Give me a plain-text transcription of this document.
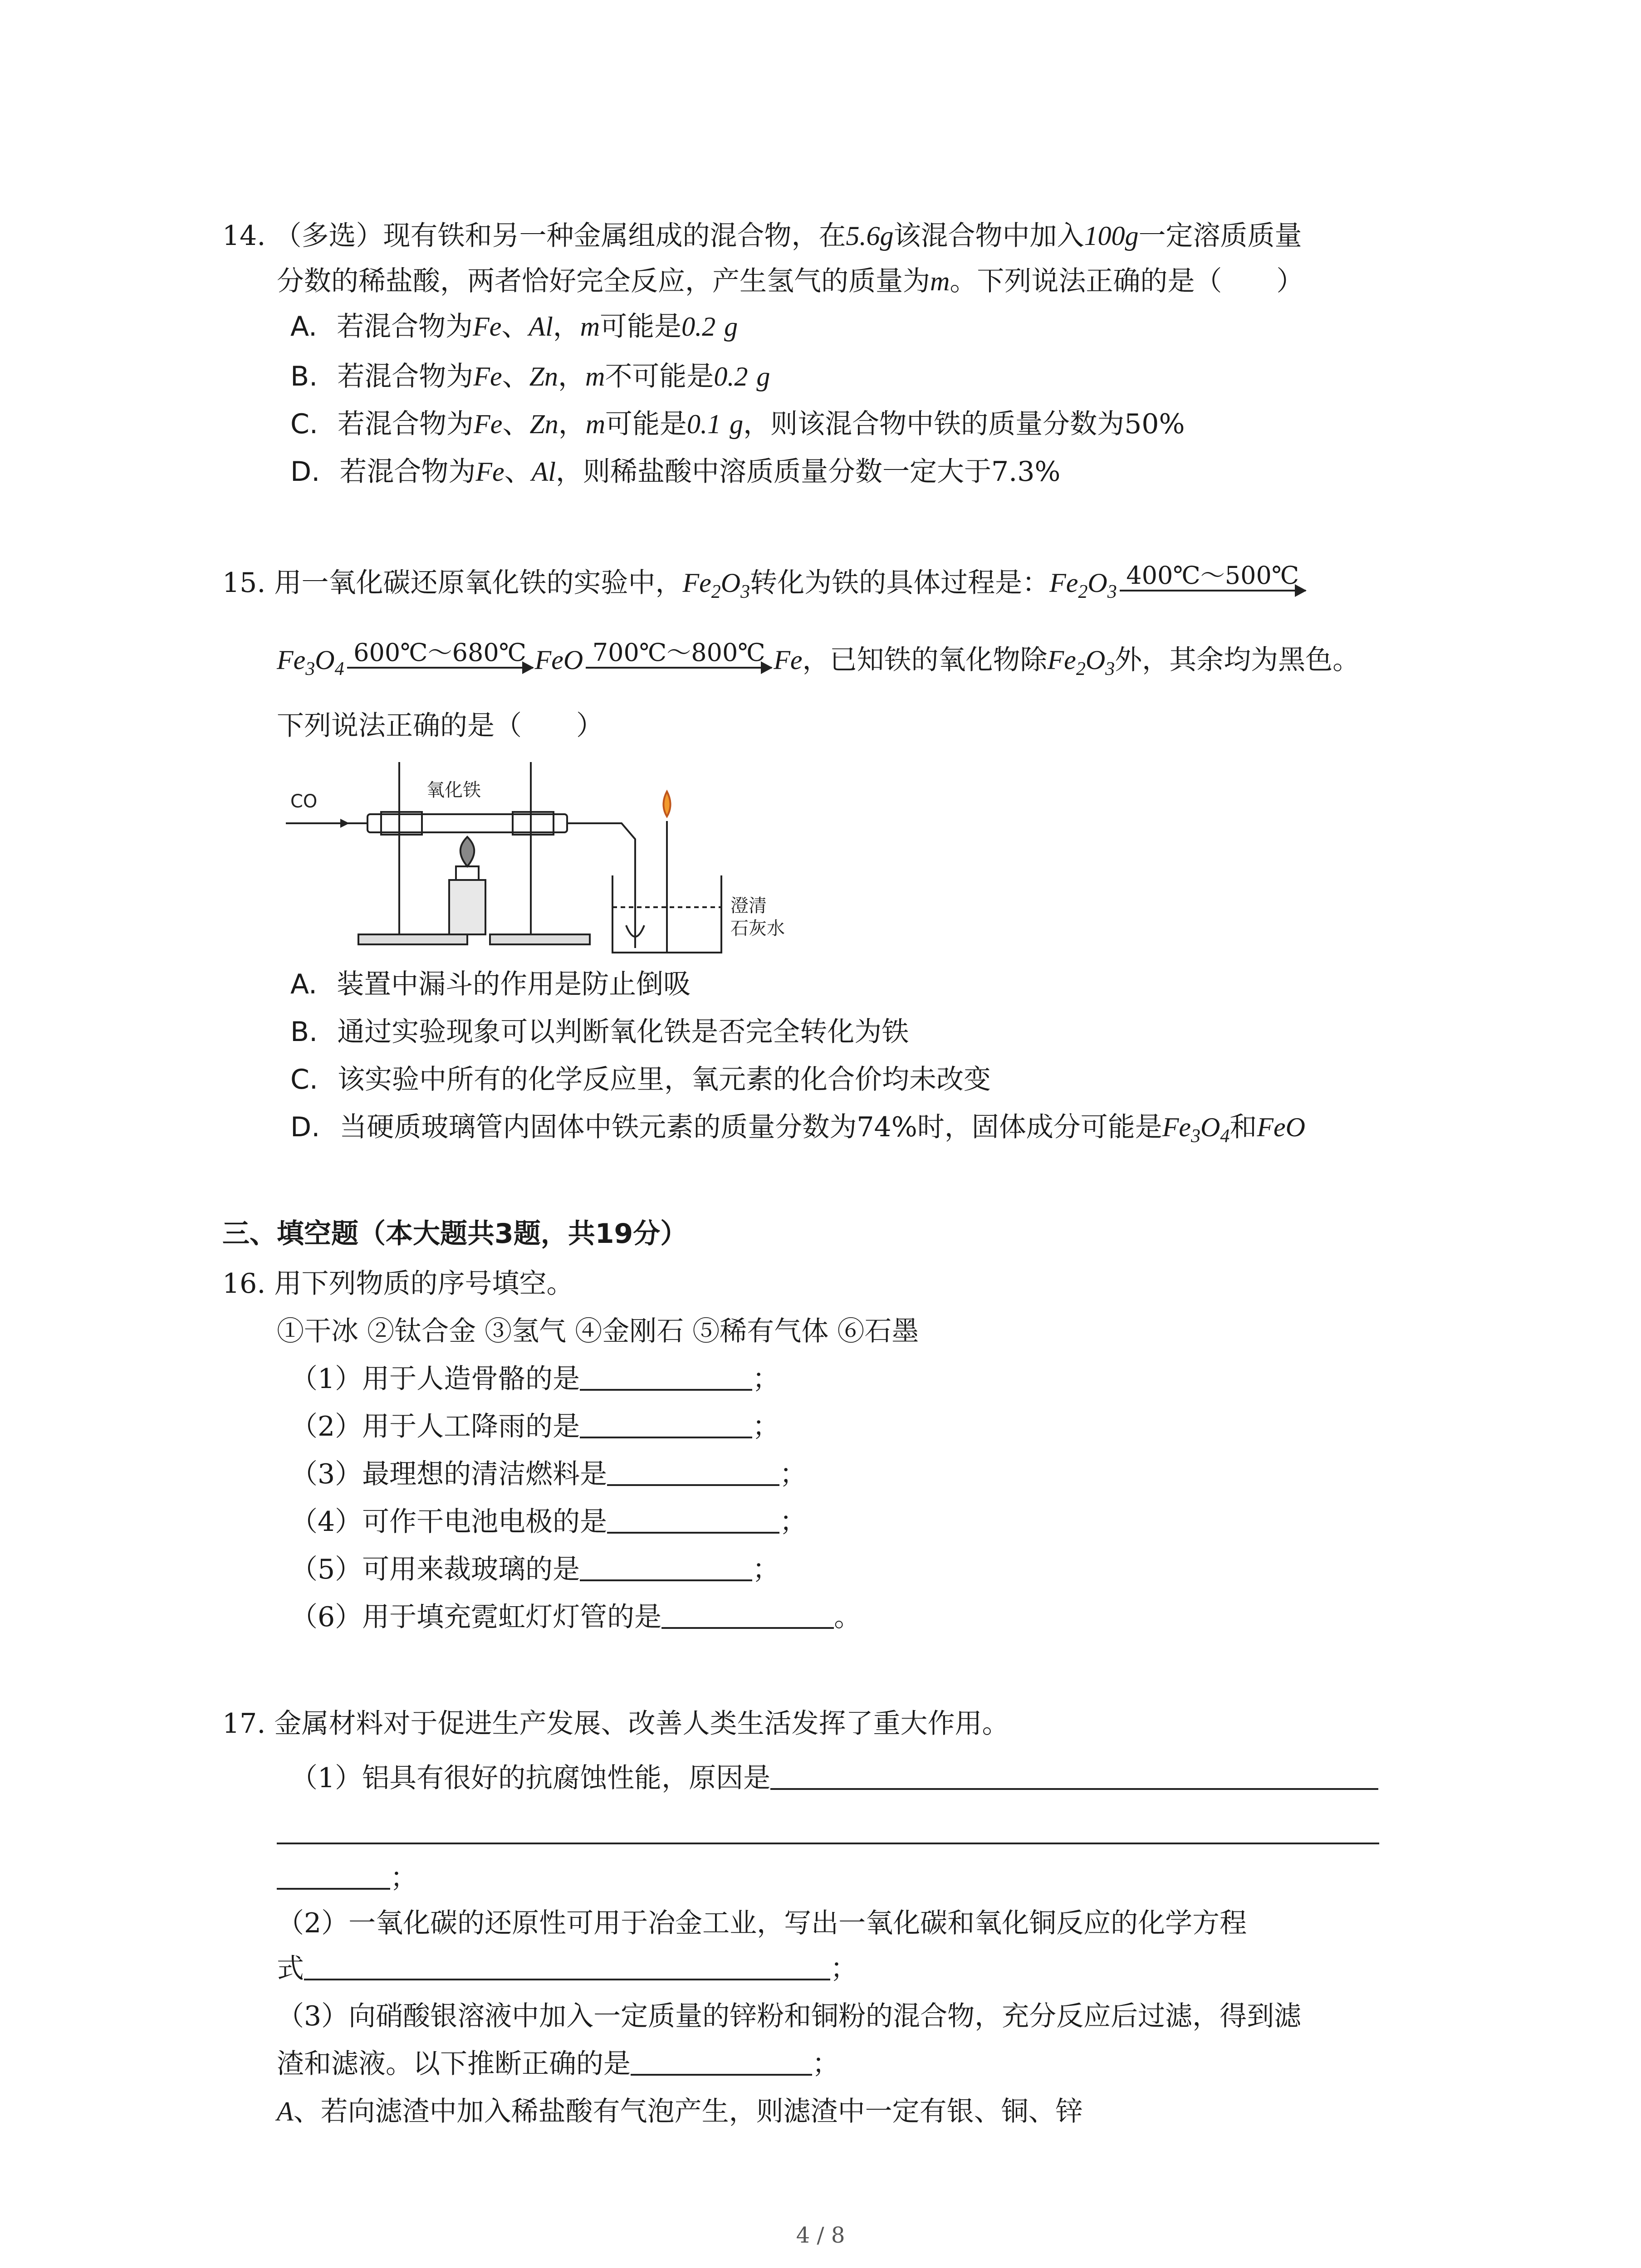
14. （多选）现有铁和另一种金属组成的混合物，在5.6g该混合物中加入100g一定溶质质量
分数的稀盐酸，两者恰好完全反应，产生氢气的质量为m。下列说法正确的是（　　）
A. 若混合物为Fe、Al，m可能是0.2 g
B. 若混合物为Fe、Zn，m不可能是0.2 g
C. 若混合物为Fe、Zn，m可能是0.1 g，则该混合物中铁的质量分数为50%
D. 若混合物为Fe、Al，则稀盐酸中溶质质量分数一定大于7.3%
15. 用一氧化碳还原氧化铁的实验中，$Fe_2O_3$转化为铁的具体过程是：$Fe_2O_3$
400℃～500℃
$Fe_3O_4$
600℃～680℃ FeO 700℃～800℃ Fe，已知铁的氧化物除$Fe_2O_3$外，其余均为黑色。
下列说法正确的是（　　）
CO
氧化铁
澄清
石灰水
A. 装置中漏斗的作用是防止倒吸
B. 通过实验现象可以判断氧化铁是否完全转化为铁
C. 该实验中所有的化学反应里，氧元素的化合价均未改变
D. 当硬质玻璃管内固体中铁元素的质量分数为74%时，固体成分可能是$Fe_3O_4$和FeO
三、填空题（本大题共3题，共19分）
16. 用下列物质的序号填空。
①干冰 ②钛合金 ③氢气 ④金刚石 ⑤稀有气体 ⑥石墨
（1）用于人造骨骼的是	；
（2）用于人工降雨的是	；
（3）最理想的清洁燃料是	；
（4）可作干电池电极的是	；
（5）可用来裁玻璃的是	；
（6）用于填充霓虹灯灯管的是	。
17. 金属材料对于促进生产发展、改善人类生活发挥了重大作用。
（1）铝具有很好的抗腐蚀性能，原因是
；
（2）一氧化碳的还原性可用于冶金工业，写出一氧化碳和氧化铜反应的化学方程
式	；
（3）向硝酸银溶液中加入一定质量的锌粉和铜粉的混合物，充分反应后过滤，得到滤
渣和滤液。以下推断正确的是	；
A、若向滤渣中加入稀盐酸有气泡产生，则滤渣中一定有银、铜、锌
4 / 8
